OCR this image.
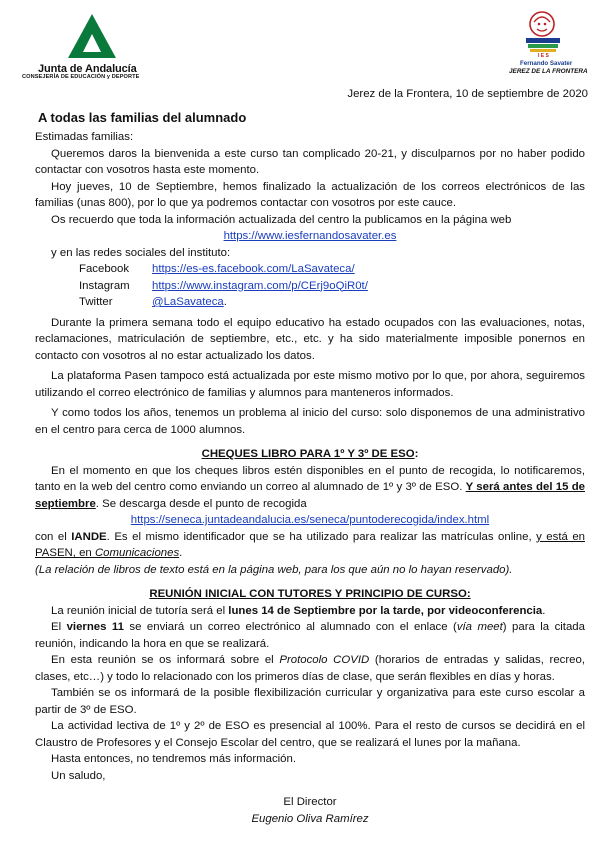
Junta de Andalucía
CONSEJERÍA DE EDUCACIÓN y DEPORTE
I E S
Fernando Savater
JEREZ DE LA FRONTERA
Jerez de la Frontera, 10 de septiembre de 2020
A todas las familias del alumnado

Estimadas familias:

Queremos daros la bienvenida a este curso tan complicado 20-21, y disculparnos por no haber podido contactar con vosotros hasta este momento.

Hoy jueves, 10 de Septiembre, hemos finalizado la actualización de los correos electrónicos de las familias (unas 800), por lo que ya podremos contactar con vosotros por este cauce.

Os recuerdo que toda la información actualizada del centro la publicamos en la página web

https://www.iesfernandosavater.es

y en las redes sociales del instituto:

Facebook	https://es-es.facebook.com/LaSavateca/
Instagram	https://www.instagram.com/p/CErj9oQiR0t/
Twitter	@LaSavateca.

Durante la primera semana todo el equipo educativo ha estado ocupados con las evaluaciones, notas, reclamaciones, matriculación de septiembre, etc., etc. y ha sido materialmente imposible ponernos en contacto con vosotros al no estar actualizado los datos.

La plataforma Pasen tampoco está actualizada por este mismo motivo por lo que, por ahora, seguiremos utilizando el correo electrónico de familias y alumnos para manteneros informados.

Y como todos los años, tenemos un problema al inicio del curso: solo disponemos de una administrativo en el centro para cerca de 1000 alumnos.

CHEQUES LIBRO PARA 1º Y 3º DE ESO:

En el momento en que los cheques libros estén disponibles en el punto de recogida, lo notificaremos, tanto en la web del centro como enviando un correo al alumnado de 1º y 3º de ESO. Y será antes del 15 de septiembre. Se descarga desde el punto de recogida

https://seneca.juntadeandalucia.es/seneca/puntoderecogida/index.html

con el IANDE. Es el mismo identificador que se ha utilizado para realizar las matrículas online, y está en PASEN, en Comunicaciones.

(La relación de libros de texto está en la página web, para los que aún no lo hayan reservado).

REUNIÓN INICIAL CON TUTORES Y PRINCIPIO DE CURSO:

La reunión inicial de tutoría será el lunes 14 de Septiembre por la tarde, por videoconferencia.

El viernes 11 se enviará un correo electrónico al alumnado con el enlace (vía meet) para la citada reunión, indicando la hora en que se realizará.

En esta reunión se os informará sobre el Protocolo COVID (horarios de entradas y salidas, recreo, clases, etc…) y todo lo relacionado con los primeros días de clase, que serán flexibles en días y horas.

También se os informará de la posible flexibilización curricular y organizativa para este curso escolar a partir de 3º de ESO.

La actividad lectiva de 1º y 2º de ESO es presencial al 100%. Para el resto de cursos se decidirá en el Claustro de Profesores y el Consejo Escolar del centro, que se realizará el lunes por la mañana.

Hasta entonces, no tendremos más información.

Un saludo,

El Director

Eugenio Oliva Ramírez
